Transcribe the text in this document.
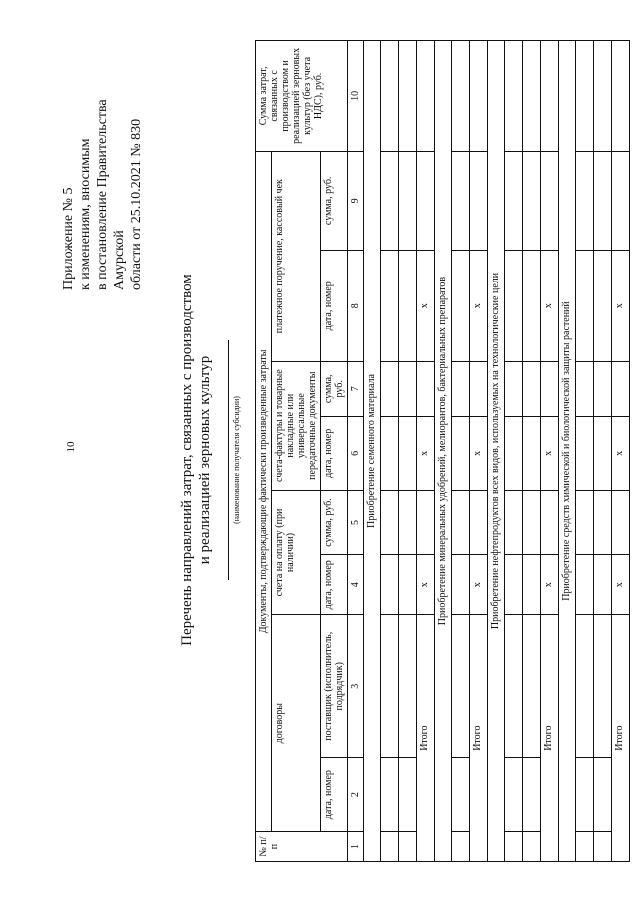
10
Приложение № 5 к изменениям, вносимым в постановление Правительства Амурской области от 25.10.2021 № 830
Перечень направлений затрат, связанных с производством и реализацией зерновых культур (наименование получателя субсидии)
№ п/ п	Документы, подтверждающие фактически произведенные затраты								Сумма затрат, связанных с производством и реализацией зерновых культур (без учета НДС), руб.
	договоры		счета на оплату (при наличии)		счета-фактуры и товарные накладные или универсальные передаточные документы		платежное поручение, кассовый чек		
	дата, номер	поставщик (исполнитель, подрядчик)	дата, номер	сумма, руб.	дата, номер	сумма, руб.	дата, номер	сумма, руб.	
1	2	3	4	5	6	7	8	9	10
Приобретение семенного материала									

Итого			х		х		х		
Приобретение минеральных удобрений, мелиорантов, бактериальных препаратов									

Итого			х		х		х		
Приобретение нефтепродуктов всех видов, используемых на технологические цели									

Итого			х		х		х		
Приобретение средств химической и биологической защиты растений									

Итого			х		х		х		
